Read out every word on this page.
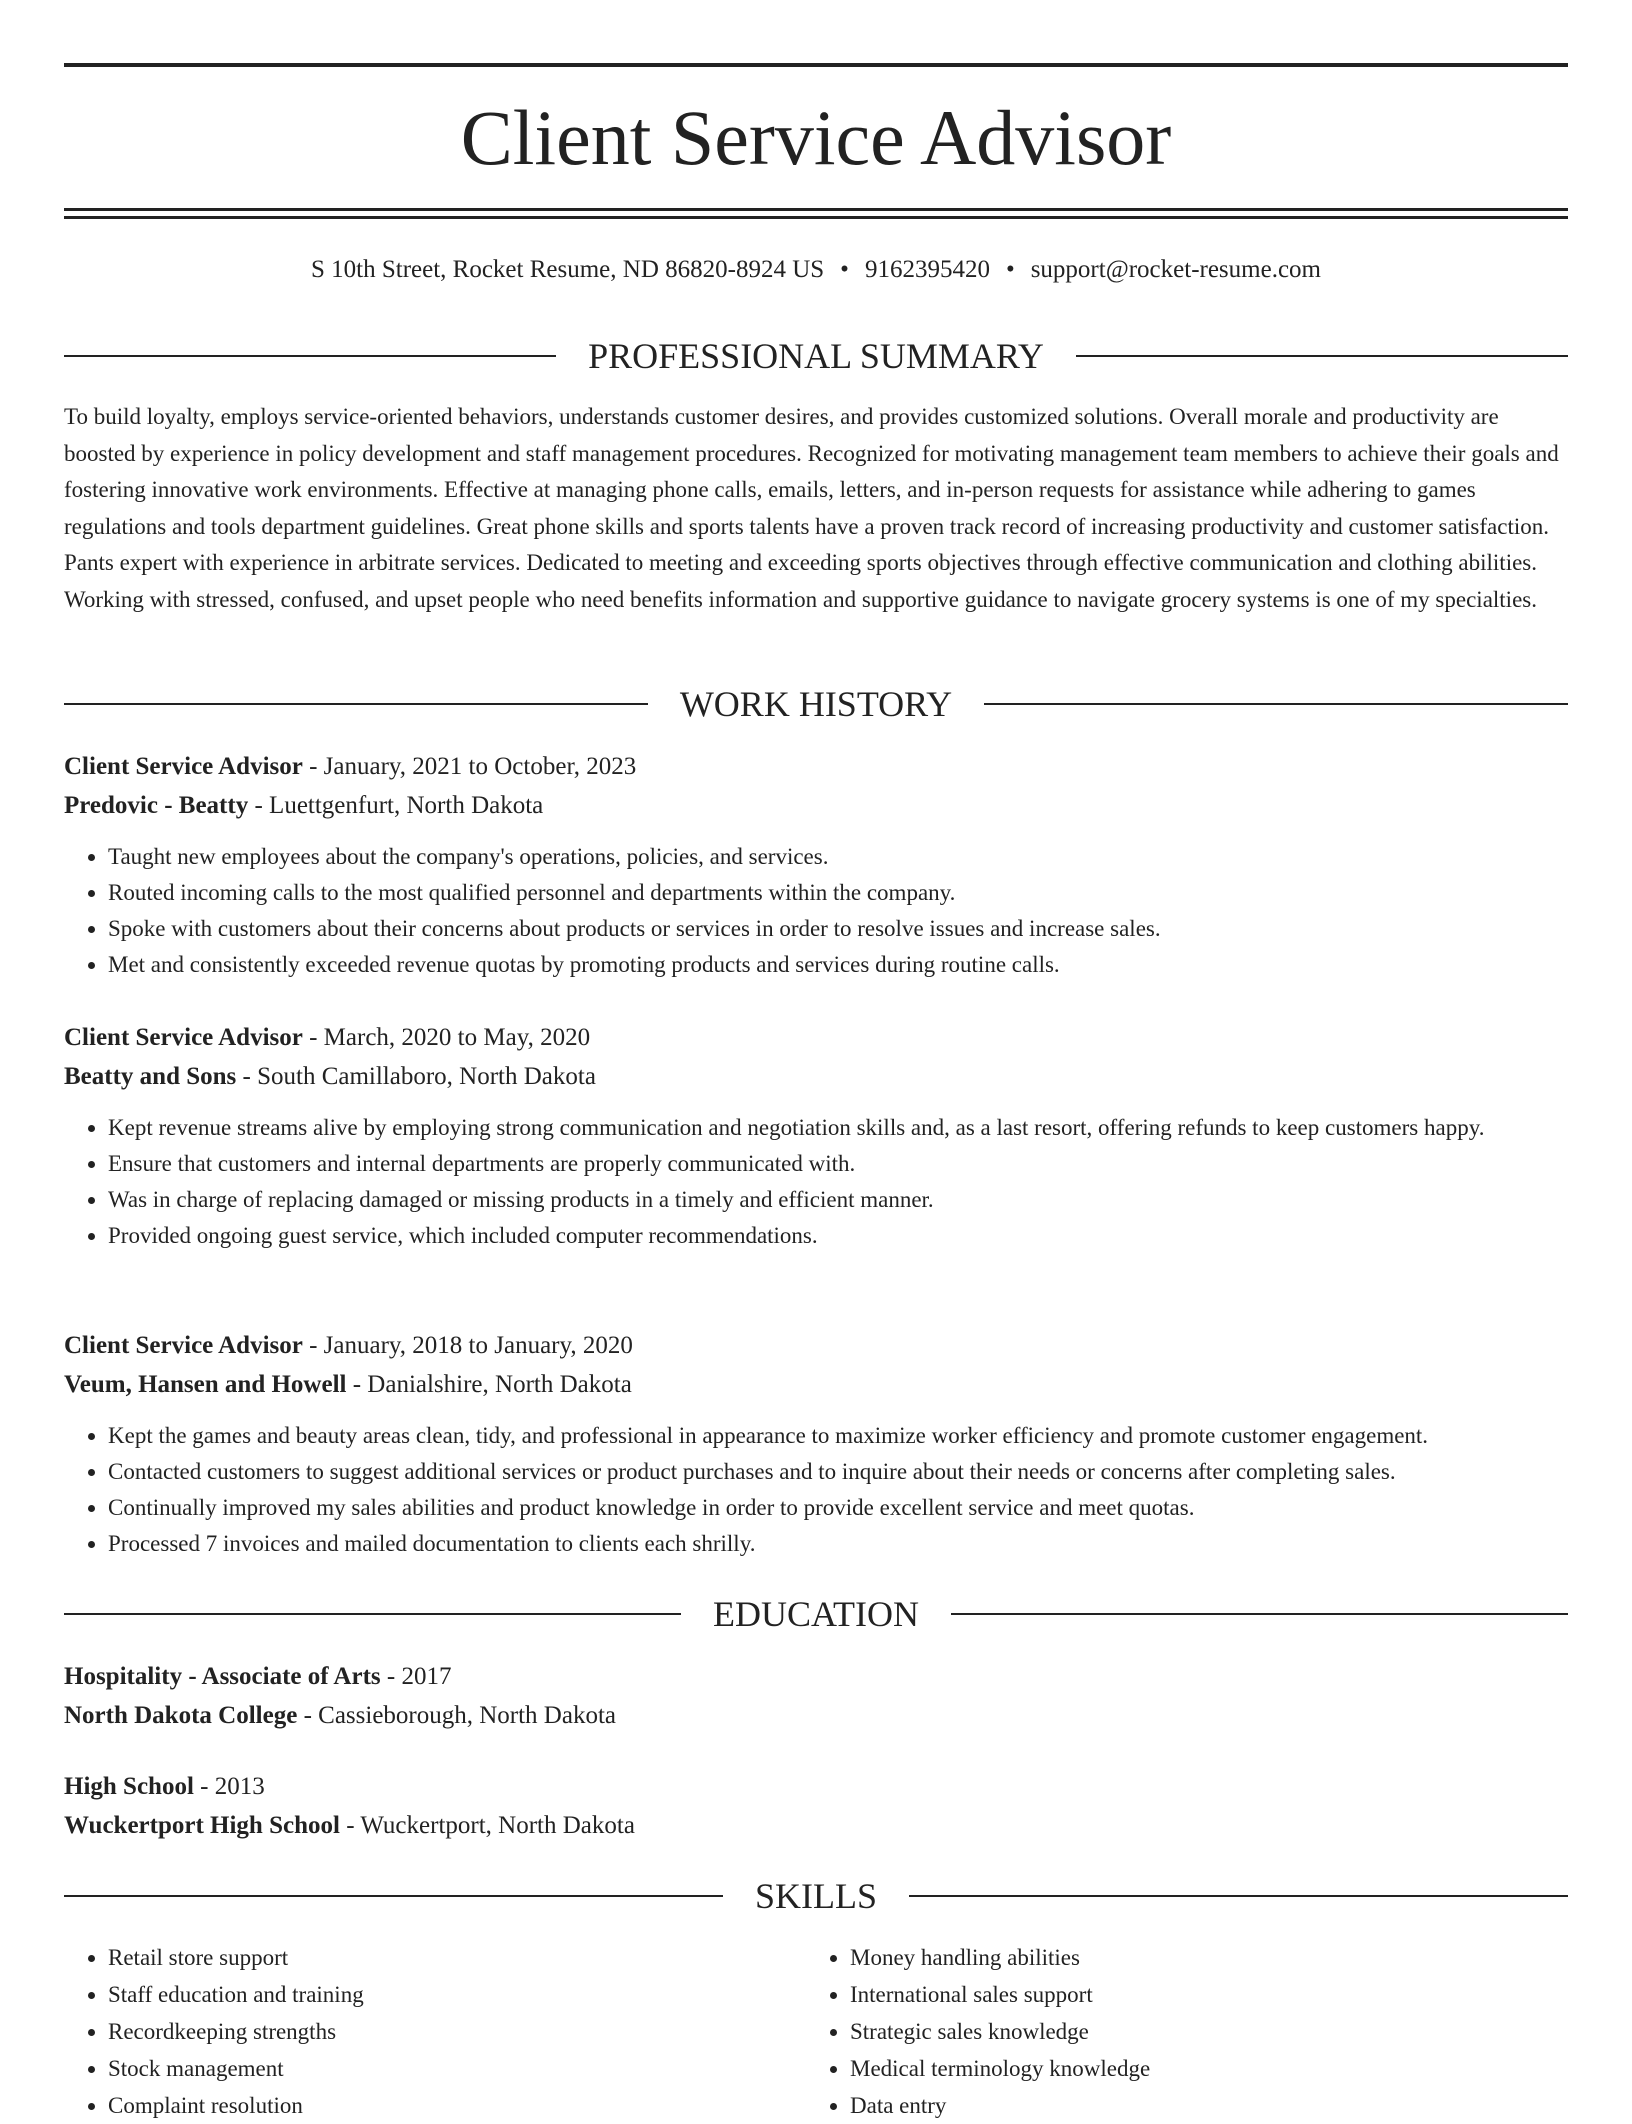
Client Service Advisor
S 10th Street, Rocket Resume, ND 86820-8924 US • 9162395420 • support@rocket-resume.com
PROFESSIONAL SUMMARY

To build loyalty, employs service-oriented behaviors, understands customer desires, and provides customized solutions. Overall morale and productivity are boosted by experience in policy development and staff management procedures. Recognized for motivating management team members to achieve their goals and fostering innovative work environments. Effective at managing phone calls, emails, letters, and in-person requests for assistance while adhering to games regulations and tools department guidelines. Great phone skills and sports talents have a proven track record of increasing productivity and customer satisfaction. Pants expert with experience in arbitrate services. Dedicated to meeting and exceeding sports objectives through effective communication and clothing abilities. Working with stressed, confused, and upset people who need benefits information and supportive guidance to navigate grocery systems is one of my specialties.

WORK HISTORY
Client Service Advisor - January, 2021 to October, 2023
Predovic - Beatty - Luettgenfurt, North Dakota
• Taught new employees about the company's operations, policies, and services.
• Routed incoming calls to the most qualified personnel and departments within the company.
• Spoke with customers about their concerns about products or services in order to resolve issues and increase sales.
• Met and consistently exceeded revenue quotas by promoting products and services during routine calls.
Client Service Advisor - March, 2020 to May, 2020
Beatty and Sons - South Camillaboro, North Dakota
• Kept revenue streams alive by employing strong communication and negotiation skills and, as a last resort, offering refunds to keep customers happy.
• Ensure that customers and internal departments are properly communicated with.
• Was in charge of replacing damaged or missing products in a timely and efficient manner.
• Provided ongoing guest service, which included computer recommendations.
Client Service Advisor - January, 2018 to January, 2020
Veum, Hansen and Howell - Danialshire, North Dakota
• Kept the games and beauty areas clean, tidy, and professional in appearance to maximize worker efficiency and promote customer engagement.
• Contacted customers to suggest additional services or product purchases and to inquire about their needs or concerns after completing sales.
• Continually improved my sales abilities and product knowledge in order to provide excellent service and meet quotas.
• Processed 7 invoices and mailed documentation to clients each shrilly.
EDUCATION
Hospitality - Associate of Arts - 2017
North Dakota College - Cassieborough, North Dakota
High School - 2013
Wuckertport High School - Wuckertport, North Dakota
SKILLS
• Retail store support
• Staff education and training
• Recordkeeping strengths
• Stock management
• Complaint resolution
• Money handling abilities
• International sales support
• Strategic sales knowledge
• Medical terminology knowledge
• Data entry
